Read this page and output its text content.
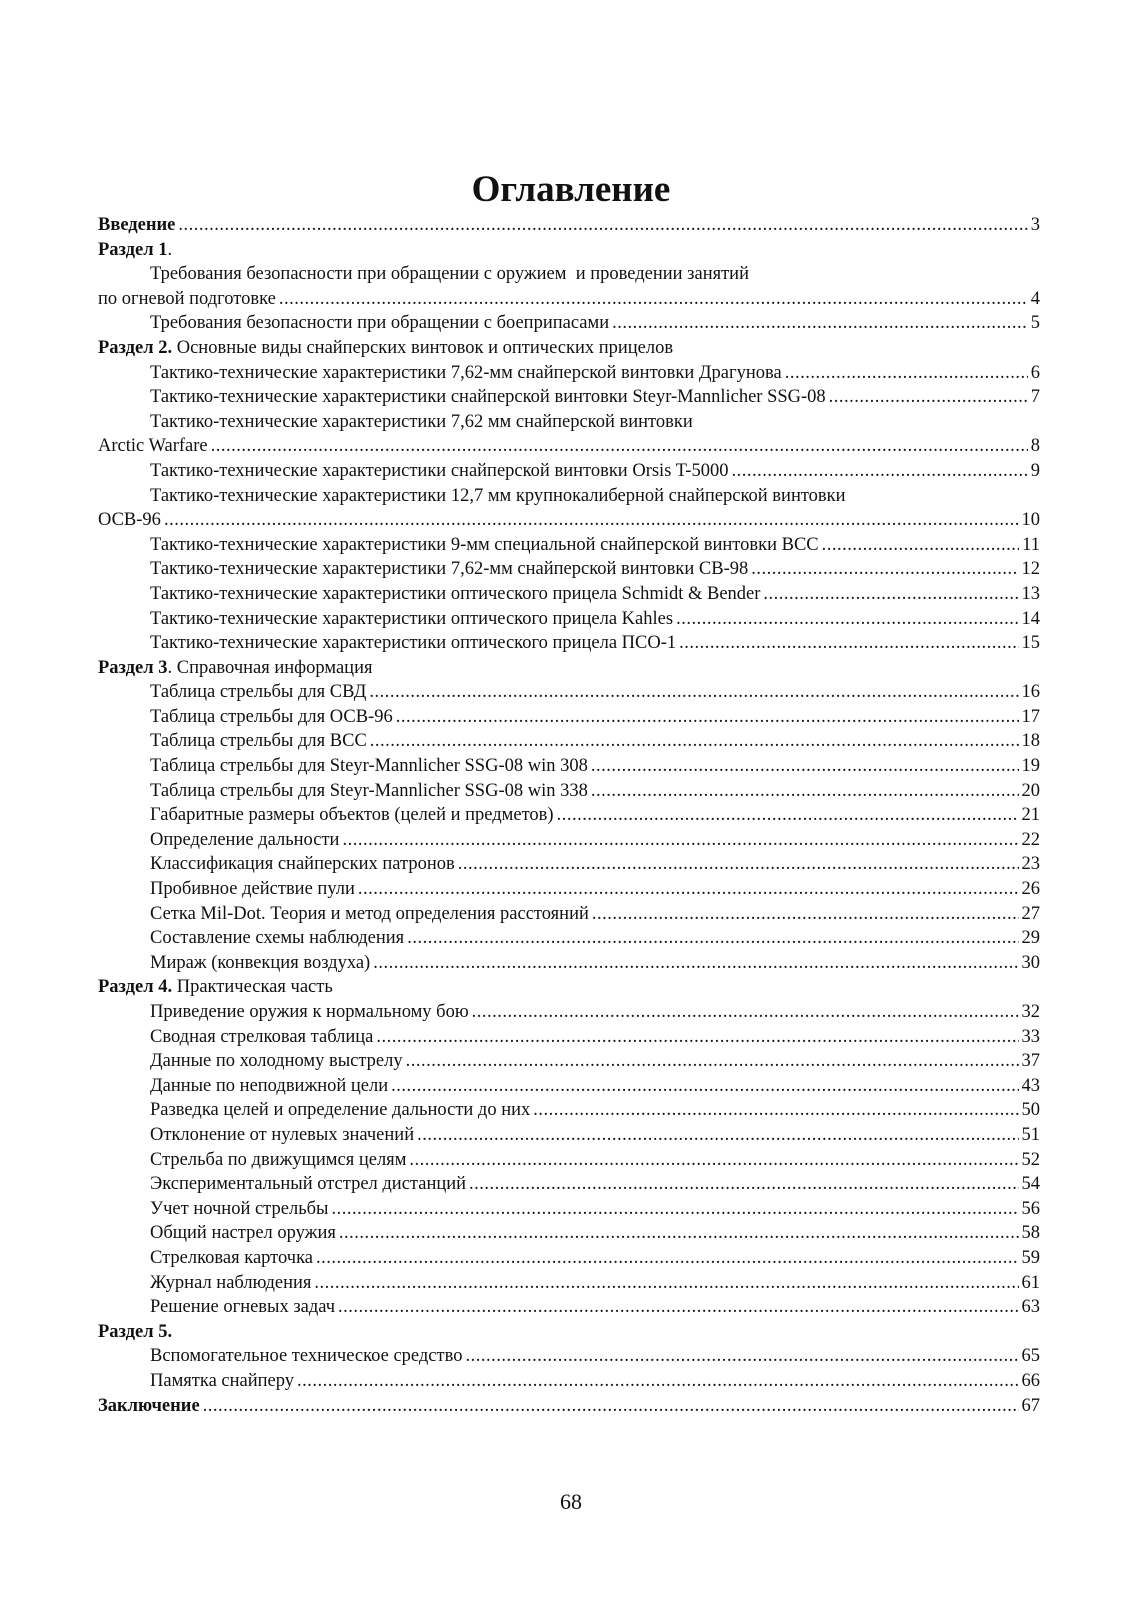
Оглавление
Введение .....	3
Раздел 1.
Требования безопасности при обращении с оружием  и проведении занятий
по огневой подготовке .....	4
Требования безопасности при обращении с боеприпасами .....	5
Раздел 2. Основные виды снайперских винтовок и оптических прицелов
Тактико-технические характеристики 7,62-мм снайперской винтовки Драгунова .....	6
Тактико-технические характеристики снайперской винтовки Steyr-Mannlicher SSG-08 .....	7
Тактико-технические характеристики 7,62 мм снайперской винтовки
Arctic Warfare .....	8
Тактико-технические характеристики снайперской винтовки Orsis T-5000 .....	9
Тактико-технические характеристики 12,7 мм крупнокалиберной снайперской винтовки
ОСВ-96 .....	10
Тактико-технические характеристики 9-мм специальной снайперской винтовки ВСС .....	11
Тактико-технические характеристики 7,62-мм снайперской винтовки СВ-98 .....	12
Тактико-технические характеристики оптического прицела Schmidt & Bender .....	13
Тактико-технические характеристики оптического прицела Kahles .....	14
Тактико-технические характеристики оптического прицела ПСО-1 .....	15
Раздел 3. Справочная информация
Таблица стрельбы для СВД .....	16
Таблица стрельбы для ОСВ-96 .....	17
Таблица стрельбы для ВСС .....	18
Таблица стрельбы для Steyr-Mannlicher SSG-08 win 308 .....	19
Таблица стрельбы для Steyr-Mannlicher SSG-08 win 338 .....	20
Габаритные размеры объектов (целей и предметов) .....	21
Определение дальности .....	22
Классификация снайперских патронов .....	23
Пробивное действие пули .....	26
Сетка Mil-Dot. Теория и метод определения расстояний .....	27
Составление схемы наблюдения .....	29
Мираж (конвекция воздуха) .....	30
Раздел 4. Практическая часть
Приведение оружия к нормальному бою .....	32
Сводная стрелковая таблица .....	33
Данные по холодному выстрелу .....	37
Данные по неподвижной цели .....	43
Разведка целей и определение дальности до них .....	50
Отклонение от нулевых значений .....	51
Стрельба по движущимся целям .....	52
Экспериментальный отстрел дистанций .....	54
Учет ночной стрельбы .....	56
Общий настрел оружия .....	58
Стрелковая карточка .....	59
Журнал наблюдения .....	61
Решение огневых задач .....	63
Раздел 5.
Вспомогательное техническое средство .....	65
Памятка снайперу .....	66
Заключение .....	67
68
